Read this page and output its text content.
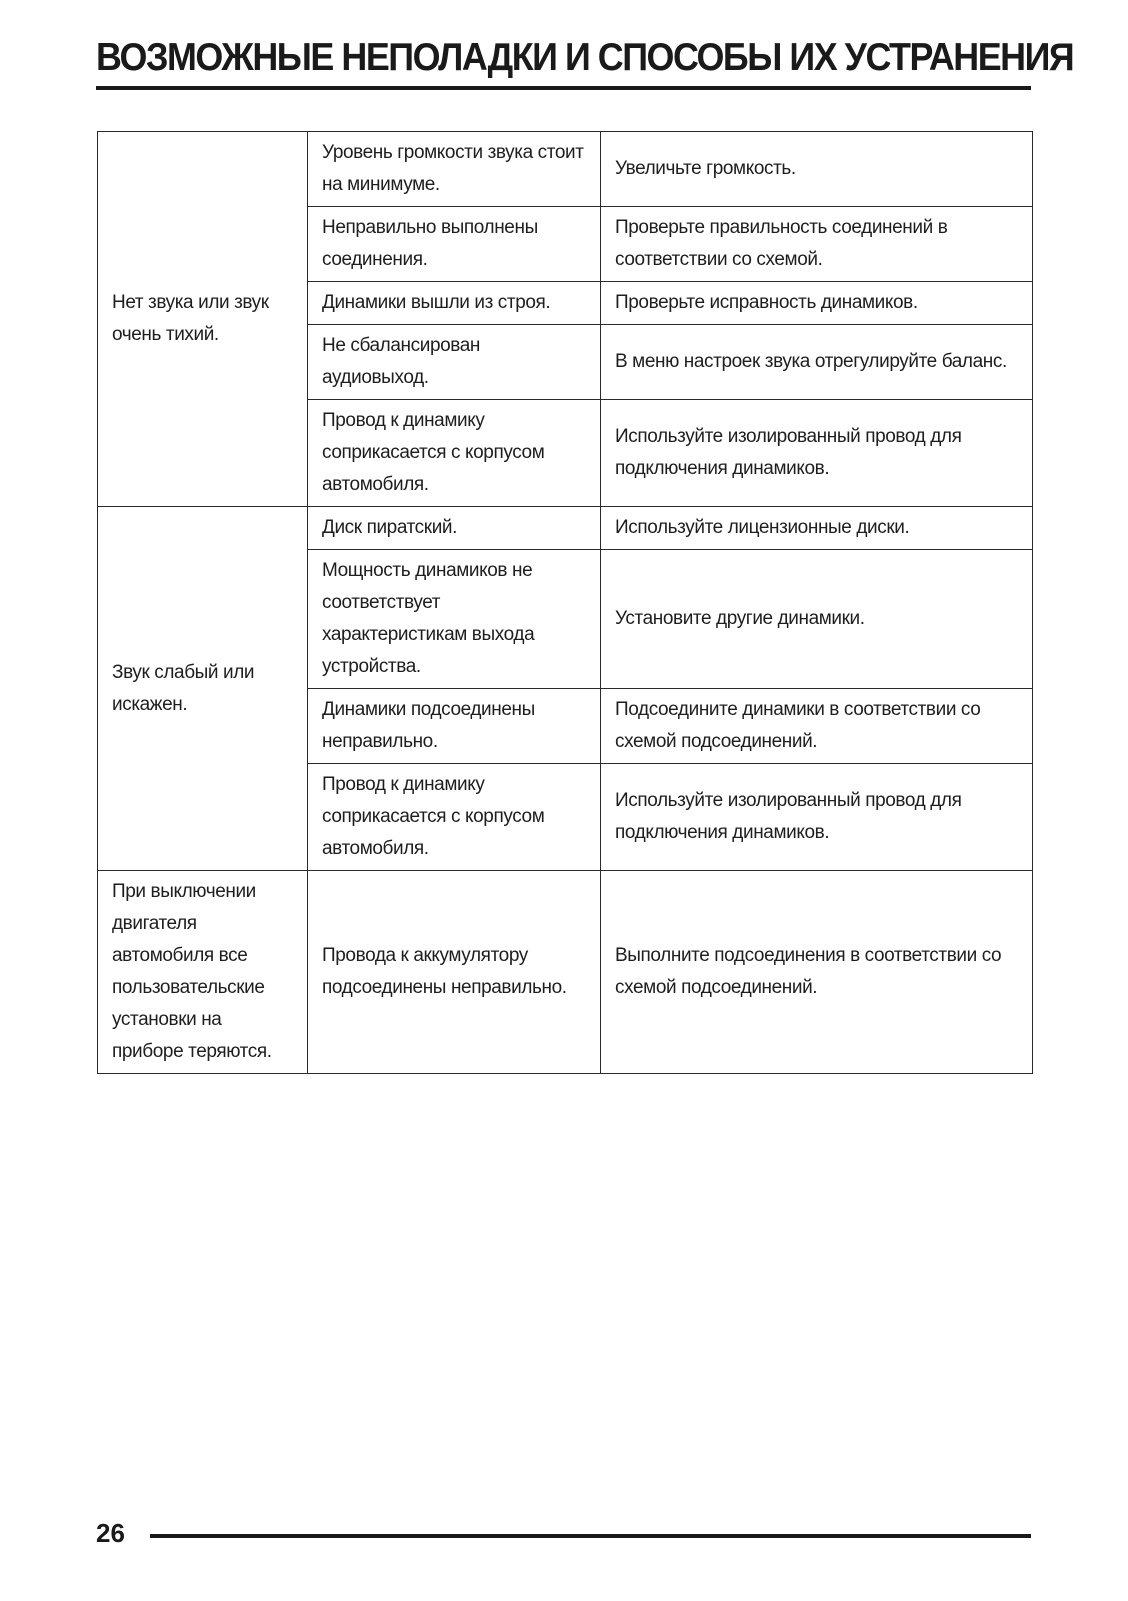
ВОЗМОЖНЫЕ НЕПОЛАДКИ И СПОСОБЫ ИХ УСТРАНЕНИЯ
Нет звука или звук очень тихий.	Уровень громкости звука стоит на минимуме.	Увеличьте громкость.
	Неправильно выполнены соединения.	Проверьте правильность соединений в соответствии со схемой.
	Динамики вышли из строя.	Проверьте исправность динамиков.
	Не сбалансирован аудиовыход.	В меню настроек звука отрегулируйте баланс.
	Провод к динамику соприкасается с корпусом автомобиля.	Используйте изолированный провод для подключения динамиков.
Звук слабый или искажен.	Диск пиратский.	Используйте лицензионные диски.
	Мощность динамиков не соответствует характеристикам выхода устройства.	Установите другие динамики.
	Динамики подсоединены неправильно.	Подсоедините динамики в соответствии со схемой подсоединений.
	Провод к динамику соприкасается с корпусом автомобиля.	Используйте изолированный провод для подключения динамиков.
При выключении двигателя автомобиля все пользовательские установки на приборе теряются.	Провода к аккумулятору подсоединены неправильно.	Выполните подсоединения в соответствии со схемой подсоединений.
26
